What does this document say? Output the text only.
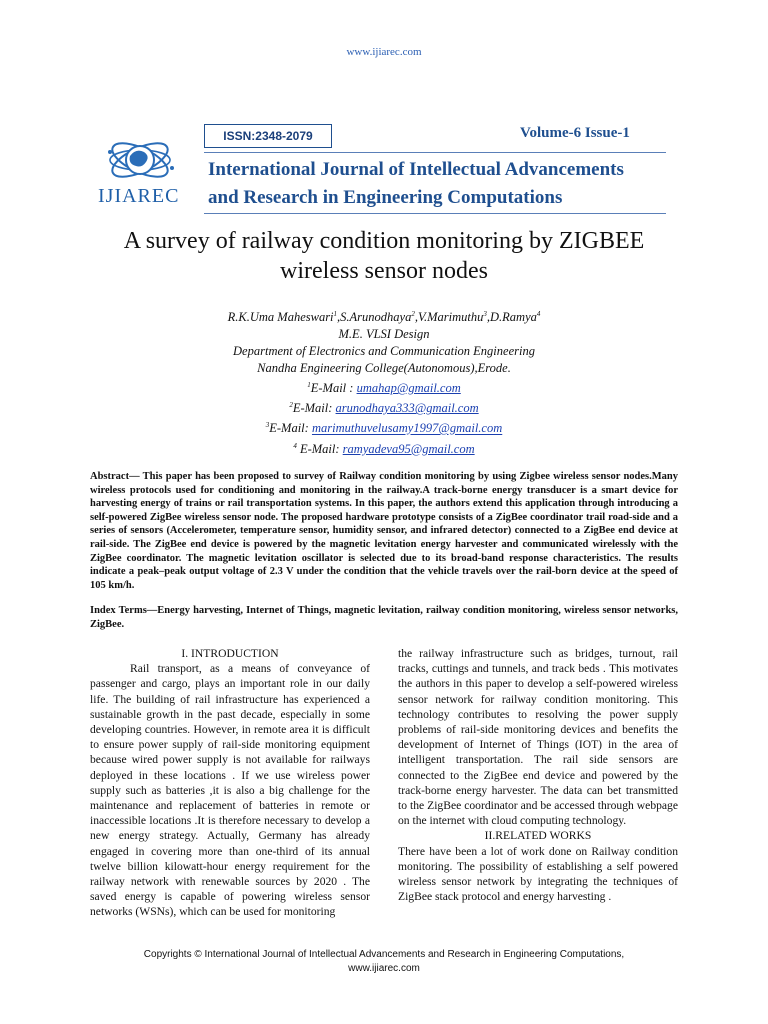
www.ijiarec.com
IJIAREC
ISSN:2348-2079	Volume-6 Issue-1
International Journal of Intellectual Advancements
and Research in Engineering Computations
A survey of railway condition monitoring by ZIGBEE
wireless sensor nodes
R.K.Uma Maheswari$^1$,S.Arunodhaya$^2$,V.Marimuthu$^3$,D.Ramya$^4$
M.E. VLSI Design
Department of Electronics and Communication Engineering
Nandha Engineering College(Autonomous),Erode.
$^1$E-Mail : umahap@gmail.com
$^2$E-Mail: arunodhaya333@gmail.com
$^3$E-Mail: marimuthuvelusamy1997@gmail.com
$^4$ E-Mail: ramyadeva95@gmail.com

Abstract— This paper has been proposed to survey of Railway condition monitoring by using Zigbee wireless sensor nodes.Many wireless protocols used for conditioning and monitoring in the railway.A track-borne energy transducer is a smart device for harvesting energy of trains or rail transportation systems. In this paper, the authors extend this application through introducing a self-powered ZigBee wireless sensor node. The proposed hardware prototype consists of a ZigBee coordinator trail road-side and a series of sensors (Accelerometer, temperature sensor, humidity sensor, and infrared detector) connected to a ZigBee end device at rail-side. The ZigBee end device is powered by the magnetic levitation energy harvester and communicated wirelessly with the ZigBee coordinator. The magnetic levitation oscillator is selected due to its broad-band response characteristics. The results indicate a peak–peak output voltage of 2.3 V under the condition that the vehicle travels over the rail-born device at the speed of 105 km/h.

Index Terms—Energy harvesting, Internet of Things, magnetic levitation, railway condition monitoring, wireless sensor networks, ZigBee.

I. INTRODUCTION

Rail transport, as a means of conveyance of passenger and cargo, plays an important role in our daily life. The building of rail infrastructure has experienced a sustainable growth in the past decade, especially in some developing countries. However, in remote area it is difficult to ensure power supply of rail-side monitoring equipment because wired power supply is not available for railways deployed in these locations . If we use wireless power supply such as batteries ,it is also a big challenge for the maintenance and replacement of batteries in remote or inaccessible locations .It is therefore necessary to develop a new energy strategy. Actually, Germany has already engaged in covering more than one-third of its annual twelve billion kilowatt-hour energy requirement for the railway network with renewable sources by 2020 . The saved energy is capable of powering wireless sensor networks (WSNs), which can be used for monitoring

the railway infrastructure such as bridges, turnout, rail tracks, cuttings and tunnels, and track beds . This motivates the authors in this paper to develop a self-powered wireless sensor network for railway condition monitoring. This technology contributes to resolving the power supply problems of rail-side monitoring devices and benefits the development of Internet of Things (IOT) in the area of intelligent transportation. The rail side sensors are connected to the ZigBee end device and powered by the track-borne energy harvester. The data can bet transmitted to the ZigBee coordinator and be accessed through webpage on the internet with cloud computing technology.

II.RELATED WORKS

There have been a lot of work done on Railway condition monitoring. The possibility of establishing a self powered wireless sensor network by integrating the techniques of ZigBee stack protocol and energy harvesting .

Copyrights © International Journal of Intellectual Advancements and Research in Engineering Computations,
www.ijiarec.com
